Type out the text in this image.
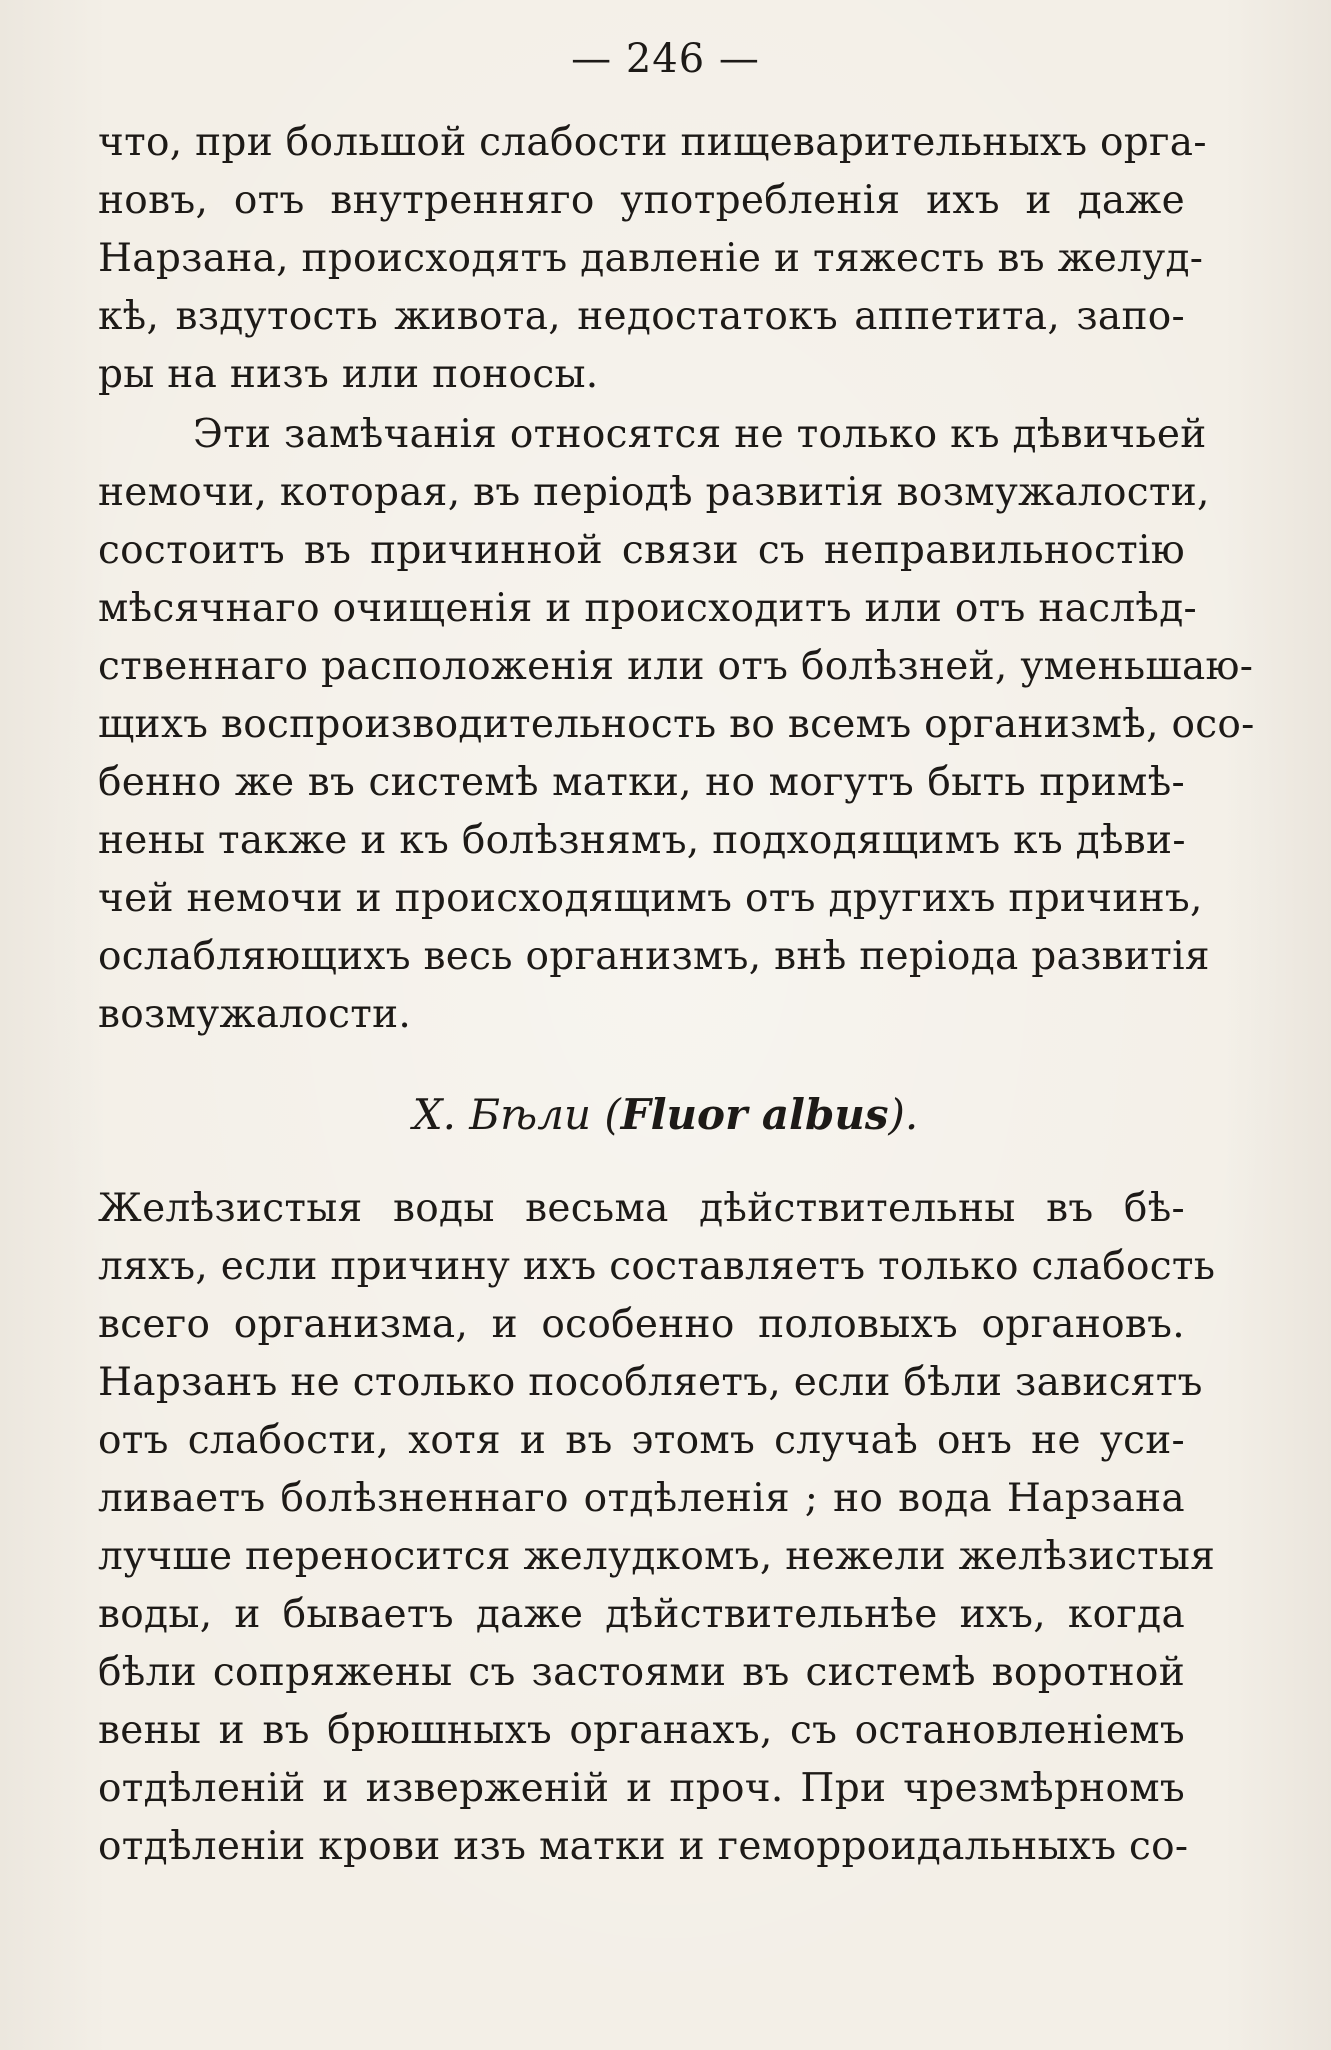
— 246 —
что, при большой слабости пищеварительныхъ орга-
новъ, отъ внутренняго употребленія ихъ и даже
Нарзана, происходятъ давленіе и тяжесть въ желуд-
кѣ, вздутость живота, недостатокъ аппетита, запо-
ры на низъ или поносы.
Эти замѣчанія относятся не только къ дѣвичьей
немочи, которая, въ періодѣ развитія возмужалости,
состоитъ въ причинной связи съ неправильностію
мѣсячнаго очищенія и происходитъ или отъ наслѣд-
ственнаго расположенія или отъ болѣзней, уменьшаю-
щихъ воспроизводительность во всемъ организмѣ, осо-
бенно же въ системѣ матки, но могутъ быть примѣ-
нены также и къ болѣзнямъ, подходящимъ къ дѣви-
чей немочи и происходящимъ отъ другихъ причинъ,
ослабляющихъ весь организмъ, внѣ періода развитія
возмужалости.
X. Бѣли (Fluor albus).
Желѣзистыя воды весьма дѣйствительны въ бѣ-
ляхъ, если причину ихъ составляетъ только слабость
всего организма, и особенно половыхъ органовъ.
Нарзанъ не столько пособляетъ, если бѣли зависятъ
отъ слабости, хотя и въ этомъ случаѣ онъ не уси-
ливаетъ болѣзненнаго отдѣленія ; но вода Нарзана
лучше переносится желудкомъ, нежели желѣзистыя
воды, и бываетъ даже дѣйствительнѣе ихъ, когда
бѣли сопряжены съ застоями въ системѣ воротной
вены и въ брюшныхъ органахъ, съ остановленіемъ
отдѣленій и изверженій и проч. При чрезмѣрномъ
отдѣленіи крови изъ матки и геморроидальныхъ со-
